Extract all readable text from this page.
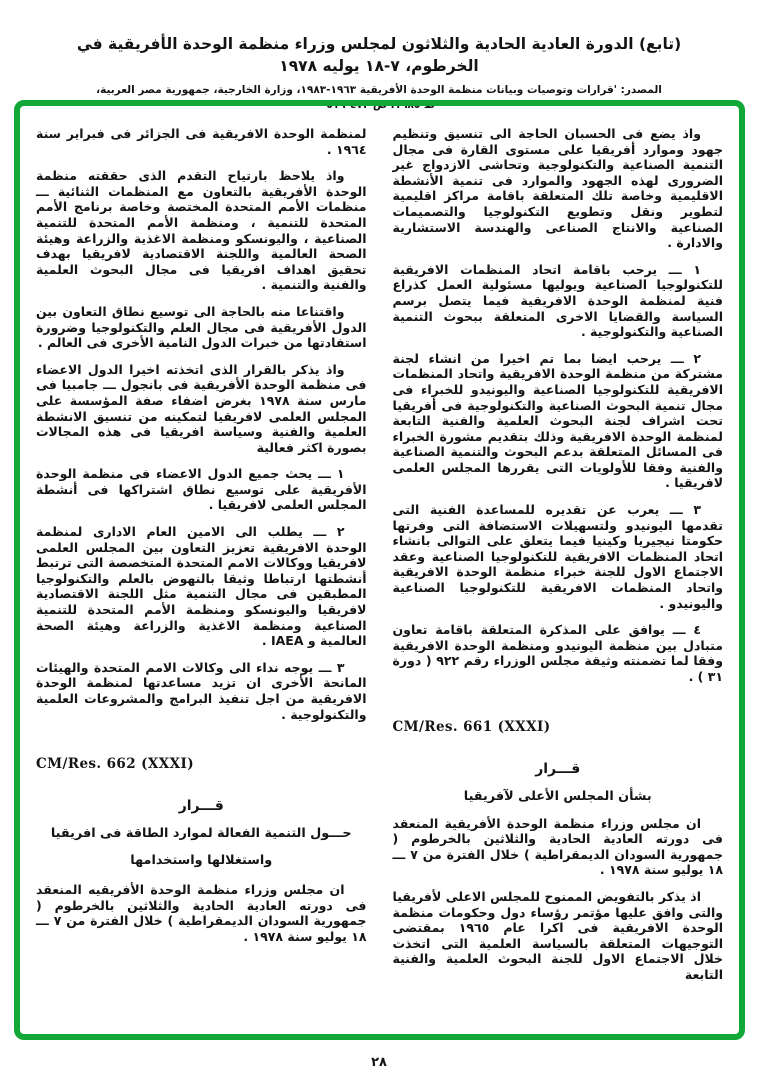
(تابع) الدورة العادية الحادية والثلاثون لمجلس وزراء منظمة الوحدة الأفريقية في الخرطوم، ٧-١٨ يوليه ١٩٧٨
المصدر: 'قرارات وتوصيات وبيانات منظمة الوحدة الأفريقية ١٩٦٣-١٩٨٣، وزارة الخارجية، جمهورية مصر العربية، ط ١٩٨٥، ص ٤٧٢-٥١٦'

واذ يضع فى الحسبان الحاجة الى تنسيق وتنظيم جهود وموارد أفريقيا على مستوى القارة فى مجال التنمية الصناعية والتكنولوجية وتحاشى الازدواج غير الضرورى لهذه الجهود والموارد فى تنمية الأنشطة الاقليمية وخاصة تلك المتعلقة باقامة مراكز اقليمية لتطوير ونقل وتطويع التكنولوجيا والتصميمات الصناعية والانتاج الصناعى والهندسة الاستشارية والادارة .

١ ـــ يرحب باقامة اتحاد المنظمات الافريقية للتكنولوجيا الصناعية ويوليها مسئولية العمل كذراع فنية لمنظمة الوحدة الافريقية فيما يتصل برسم السياسة والقضايا الاخرى المتعلقة ببحوث التنمية الصناعية والتكنولوجية .

٢ ـــ يرحب ايضا بما تم اخيرا من انشاء لجنة مشتركة من منظمة الوحدة الافريقية واتحاد المنظمات الافريقية للتكنولوجيا الصناعية واليونيدو للخبراء فى مجال تنمية البحوث الصناعية والتكنولوجية فى أفريقيا تحت اشراف لجنة البحوث العلمية والفنية التابعة لمنظمة الوحدة الافريقية وذلك بتقديم مشورة الخبراء فى المسائل المتعلقة بدعم البحوث والتنمية الصناعية والفنية وفقا للأولويات التى يقررها المجلس العلمى لافريقيا .

٣ ـــ يعرب عن تقديره للمساعدة الفنية التى تقدمها اليونيدو ولتسهيلات الاستضافة التى وفرتها حكومتا نيجيريا وكينيا فيما يتعلق على التوالى بانشاء اتحاد المنظمات الافريقية للتكنولوجيا الصناعية وعقد الاجتماع الاول للجنة خبراء منظمة الوحدة الافريقية واتحاد المنظمات الافريقية للتكنولوجيا الصناعية واليونيدو .

٤ ـــ يوافق على المذكرة المتعلقة باقامة تعاون متبادل بين منظمة اليونيدو ومنظمة الوحدة الافريقية وفقا لما تضمنته وثيقة مجلس الوزراء رقم ٩٢٢ ( دورة ٣١ ) .

CM/Res. 661 (XXXI)
قـــرار
بشأن المجلس الأعلى لآفريقيا

ان مجلس وزراء منظمة الوحدة الأفريقية المنعقد فى دورته العادية الحادية والثلاثين بالخرطوم ( جمهورية السودان الديمقراطية ) خلال الفترة من ٧ ـــ ١٨ يوليو سنة ١٩٧٨ .

اذ يذكر بالتفويض الممنوح للمجلس الاعلى لأفريقيا والتى وافق عليها مؤتمر رؤساء دول وحكومات منظمة الوحدة الافريقية فى اكرا عام ١٩٦٥ بمقتضى التوجيهات المتعلقة بالسياسة العلمية التى اتخذت خلال الاجتماع الاول للجنة البحوث العلمية والفنية التابعة

لمنظمة الوحدة الافريقية فى الجزائر فى فبراير سنة ١٩٦٤ .

واذ يلاحظ بارتياح التقدم الذى حققته منظمة الوحدة الأفريقية بالتعاون مع المنظمات الثنائية ـــ منظمات الأمم المتحدة المختصة وخاصة برنامج الأمم المتحدة للتنمية ، ومنظمة الأمم المتحدة للتنمية الصناعية ، واليونسكو ومنظمة الاغذية والزراعة وهيئة الصحة العالمية واللجنة الاقتصادية لافريقيا بهدف تحقيق اهداف افريقيا فى مجال البحوث العلمية والفنية والتنمية .

واقتناعا منه بالحاجة الى توسيع نطاق التعاون بين الدول الأفريقية فى مجال العلم والتكنولوجيا وضرورة استفادتها من خبرات الدول النامية الأخرى فى العالم .

واذ يذكر بالقرار الذى اتخذته اخيرا الدول الاعضاء فى منظمة الوحدة الأفريقية فى بانجول ـــ جامبيا فى مارس سنة ١٩٧٨ بغرض اضفاء صفة المؤسسة على المجلس العلمى لافريقيا لتمكينه من تنسيق الانشطة العلمية والفنية وسياسة افريقيا فى هذه المجالات بصورة اكثر فعالية

١ ـــ يحث جميع الدول الاعضاء فى منظمة الوحدة الأفريقية على توسيع نطاق اشتراكها فى أنشطة المجلس العلمى لافريقيا .

٢ ـــ يطلب الى الامين العام الادارى لمنظمة الوحدة الافريقية تعزيز التعاون بين المجلس العلمى لافريقيا ووكالات الامم المتحدة المتخصصة التى ترتبط أنشطتها ارتباطا وثيقا بالنهوض بالعلم والتكنولوجيا المطبقين فى مجال التنمية مثل اللجنة الاقتصادية لافريقيا واليونسكو ومنظمة الأمم المتحدة للتنمية الصناعية ومنظمة الاغذية والزراعة وهيئة الصحة العالمية و IAEA .

٣ ـــ يوجه نداء الى وكالات الامم المتحدة والهيئات المانحة الأخرى ان تزيد مساعدتها لمنظمة الوحدة الافريقية من اجل تنفيذ البرامج والمشروعات العلمية والتكنولوجية .

CM/Res. 662 (XXXI)
قـــرار
حـــول التنمية الفعالة لموارد الطاقة فى افريقيا
واستغلالها واستخدامها

ان مجلس وزراء منظمة الوحدة الأفريقيه المنعقد فى دورته العادية الحادية والثلاثين بالخرطوم ( جمهورية السودان الديمقراطية ) خلال الفترة من ٧ ـــ ١٨ يوليو سنة ١٩٧٨ .

٢٨
